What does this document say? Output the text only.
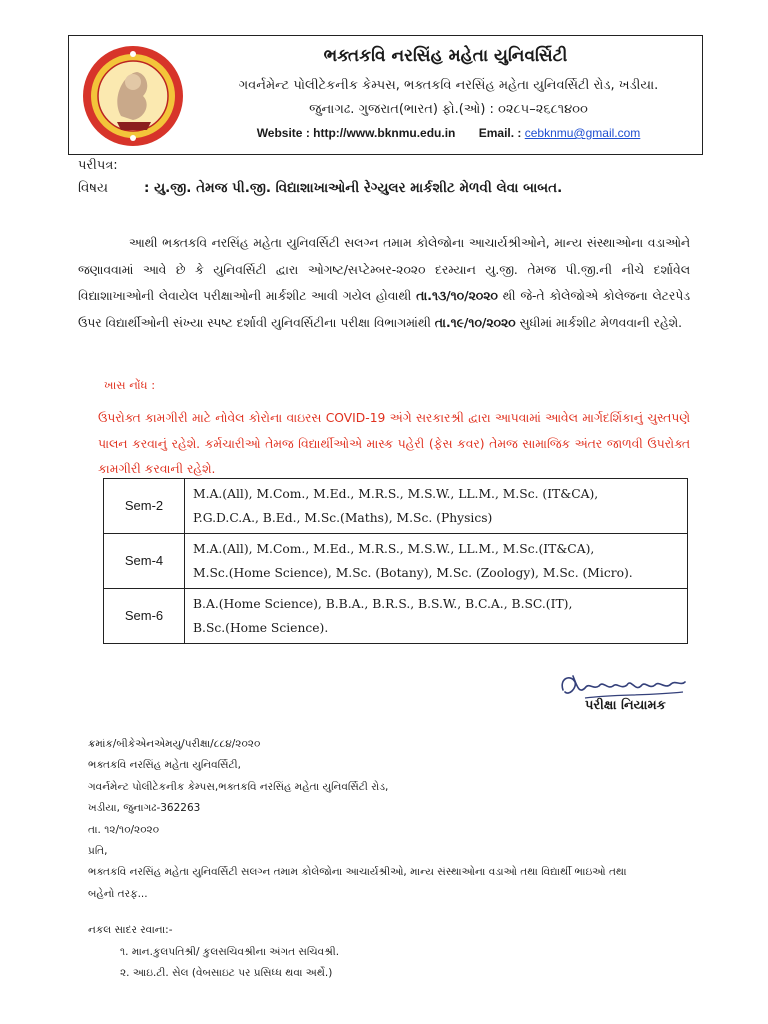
ભક્તકવિ નરસિંહ મહેતા યુનિવર્સિટી
ગવર્નમેન્ટ પોલીટેકનીક કેમ્પસ, ભક્તકવિ નરસિંહ મહેતા યુનિવર્સિટી રોડ, ખડીયા.
જુનાગઢ. ગુજરાત(ભારત) ફો.(ઓ) : ૦૨૮૫–૨૬૮૧૪૦૦
Website : http://www.bknmu.edu.in Email. : cebknmu@gmail.com
પરીપત્ર:
વિષય	: યુ.જી. તેમજ પી.જી. વિદ્યાશાખાઓની રેગ્યુલર માર્કશીટ મેળવી લેવા બાબત.
આથી ભક્તકવિ નરસિંહ મહેતા યુનિવર્સિટી સલગ્ન તમામ કોલેજોના આચાર્યશ્રીઓને, માન્ય સંસ્થાઓના વડાઓને જણાવવામાં આવે છે કે યુનિવર્સિટી દ્વારા ઓગષ્ટ/સપ્ટેમ્બર-૨૦૨૦ દરમ્યાન યુ.જી. તેમજ પી.જી.ની નીચે દર્શાવેલ વિદ્યાશાખાઓની લેવાયેલ પરીક્ષાઓની માર્કશીટ આવી ગયેલ હોવાથી તા.૧૩/૧૦/૨૦૨૦ થી જે-તે કોલેજોએ કોલેજના લેટરપેડ ઉપર વિદ્યાર્થીઓની સંખ્યા સ્પષ્ટ દર્શાવી યુનિવર્સિટીના પરીક્ષા વિભાગમાંથી તા.૧૯/૧૦/૨૦૨૦ સુધીમાં માર્કશીટ મેળવવાની રહેશે.
ખાસ નોંધ :
ઉપરોક્ત કામગીરી માટે નોવેલ કોરોના વાઇરસ COVID-19 અંગે સરકારશ્રી દ્વારા આપવામાં આવેલ માર્ગદર્શિકાનું ચુસ્તપણે પાલન કરવાનું રહેશે. કર્મચારીઓ તેમજ વિદ્યાર્થીઓએ માસ્ક પહેરી (ફેસ કવર) તેમજ સામાજિક અંતર જાળવી ઉપરોક્ત કામગીરી કરવાની રહેશે.
Sem-2	M.A.(All), M.Com., M.Ed., M.R.S., M.S.W., LL.M., M.Sc. (IT&CA),
P.G.D.C.A., B.Ed., M.Sc.(Maths), M.Sc. (Physics)

Sem-4	M.A.(All), M.Com., M.Ed., M.R.S., M.S.W., LL.M., M.Sc.(IT&CA),
M.Sc.(Home Science), M.Sc. (Botany), M.Sc. (Zoology), M.Sc. (Micro).

Sem-6	B.A.(Home Science), B.B.A., B.R.S., B.S.W., B.C.A., B.SC.(IT),
B.Sc.(Home Science).
પરીક્ષા નિયામક
ક્રમાંક/બીકેએનએમયુ/પરીક્ષા/૮૮૪/૨૦૨૦
ભક્તકવિ નરસિંહ મહેતા યુનિવર્સિટી,
ગવર્નમેન્ટ પોલીટેકનીક કેમ્પસ,ભક્તકવિ નરસિંહ મહેતા યુનિવર્સિટી રોડ,
ખડીયા, જુનાગઢ-362263
તા. ૧૨/૧૦/૨૦૨૦
પ્રતિ,
ભક્તકવિ નરસિંહ મહેતા યુનિવર્સિટી સલગ્ન તમામ કોલેજોના આચાર્યશ્રીઓ, માન્ય સંસ્થાઓના વડાઓ તથા વિદ્યાર્થી ભાઇઓ તથા
બહેનો તરફ...
નકલ સાદર રવાના:-
૧. માન.કુલપતિશ્રી/ કુલસચિવશ્રીના અંગત સચિવશ્રી.
૨. આઇ.ટી. સેલ (વેબસાઇટ પર પ્રસિધ્ધ થવા અર્થે.)
